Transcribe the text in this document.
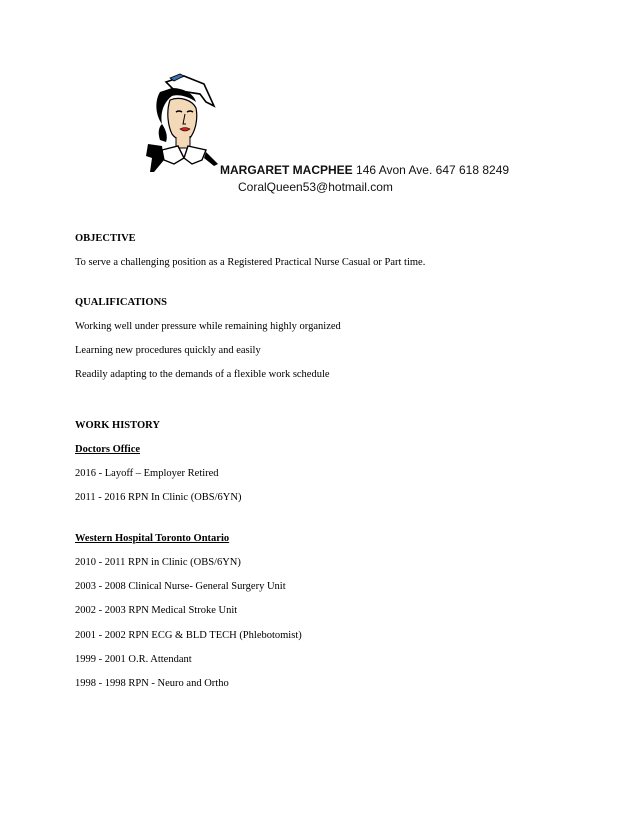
MARGARET MACPHEE 146 Avon Ave. 647 618 8249
CoralQueen53@hotmail.com
OBJECTIVE
To serve a challenging position as a Registered Practical Nurse Casual or Part time.
QUALIFICATIONS
Working well under pressure while remaining highly organized
Learning new procedures quickly and easily
Readily adapting to the demands of a flexible work schedule
WORK HISTORY
Doctors Office
2016 - Layoff – Employer Retired
2011 - 2016 RPN In Clinic (OBS/6YN)
Western Hospital Toronto Ontario
2010 - 2011 RPN in Clinic (OBS/6YN)
2003 - 2008 Clinical Nurse- General Surgery Unit
2002 - 2003 RPN Medical Stroke Unit
2001 - 2002 RPN ECG & BLD TECH (Phlebotomist)
1999 - 2001 O.R. Attendant
1998 - 1998 RPN - Neuro and Ortho
